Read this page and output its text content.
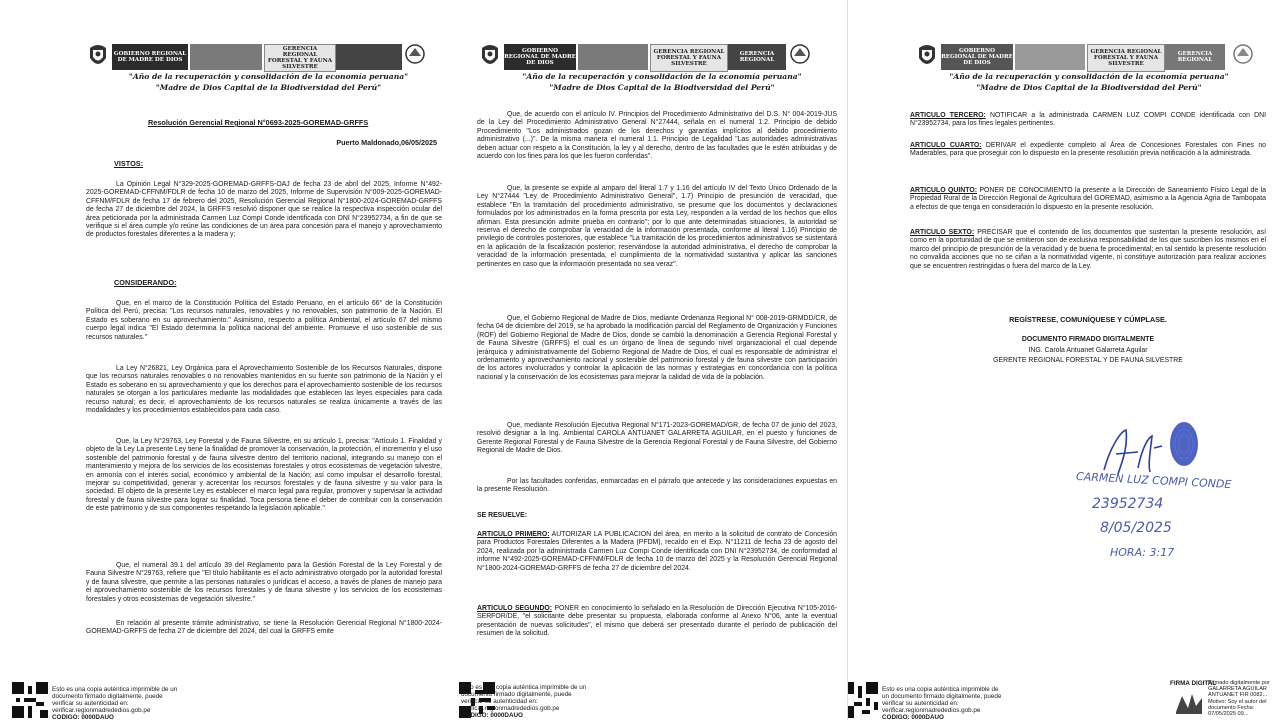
GOBIERNO REGIONAL DE MADRE DE DIOS
GERENCIA REGIONAL FORESTAL Y FAUNA SILVESTRE
"Año de la recuperación y consolidación de la economía peruana"
"Madre de Dios Capital de la Biodiversidad del Perú"
Resolución Gerencial Regional N°0693-2025-GOREMAD-GRFFS
Puerto Maldonado,06/05/2025
VISTOS:
La Opinión Legal N°329-2025-GOREMAD-GRFFS-OAJ de fecha 23 de abril del 2025, Informe N°492-2025-GOREMAD-CFFNM/FDLR de fecha 10 de marzo del 2025, Informe de Supervisión N°009-2025-GOREMAD-CFFNM/FDLR de fecha 17 de febrero del 2025, Resolución Gerencial Regional N°1800-2024-GOREMAD-GRFFS de fecha 27 de diciembre del 2024, la GRFFS resolvió disponer que se realice la respectiva inspección ocular del área peticionada por la administrada Carmen Luz Compi Conde identificada con DNI N°23952734, a fin de que se verifique si el área cumple y/o reúne las condiciones de un área para concesión para el manejo y aprovechamiento de productos forestales diferentes a la madera y;
CONSIDERANDO:
Que, en el marco de la Constitución Política del Estado Peruano, en el artículo 66° de la Constitución Política del Perú, precisa: "Los recursos naturales, renovables y no renovables, son patrimonio de la Nación. El Estado es soberano en su aprovechamiento." Asimismo, respecto a política Ambiental, el artículo 67 del mismo cuerpo legal indica "El Estado determina la política nacional del ambiente. Promueve el uso sostenible de sus recursos naturales."
La Ley N°26821, Ley Orgánica para el Aprovechamiento Sostenible de los Recursos Naturales, dispone que los recursos naturales renovables o no renovables mantenidos en su fuente son patrimonio de la Nación y el Estado es soberano en su aprovechamiento y que los derechos para el aprovechamiento sostenible de los recursos naturales se otorgan a los particulares mediante las modalidades que establecen las leyes especiales para cada recurso natural; es decir, el aprovechamiento de los recursos naturales se realiza únicamente a través de las modalidades y los procedimientos establecidos para cada caso.
Que, la Ley N°29763, Ley Forestal y de Fauna Silvestre, en su artículo 1, precisa: "Artículo 1. Finalidad y objeto de la Ley La presente Ley tiene la finalidad de promover la conservación, la protección, el incremento y el uso sostenible del patrimonio forestal y de fauna silvestre dentro del territorio nacional, integrando su manejo con el mantenimiento y mejora de los servicios de los ecosistemas forestales y otros ecosistemas de vegetación silvestre, en armonía con el interés social, económico y ambiental de la Nación; así como impulsar el desarrollo forestal, mejorar su competitividad, generar y acrecentar los recursos forestales y de fauna silvestre y su valor para la sociedad. El objeto de la presente Ley es establecer el marco legal para regular, promover y supervisar la actividad forestal y de fauna silvestre para lograr su finalidad. Toca persona tiene el deber de contribuir con la conservación de este patrimonio y de sus componentes respetando la legislación aplicable."
Que, el numeral 39.1 del artículo 39 del Reglamento para la Gestión Forestal de la Ley Forestal y de Fauna Silvestre N°29763, refiere que "El título habilitante es el acto administrativo otorgado por la autoridad forestal y de fauna silvestre, que permite a las personas naturales o jurídicas el acceso, a través de planes de manejo para el aprovechamiento sostenible de los recursos forestales y de fauna silvestre y los servicios de los ecosistemas forestales y otros ecosistemas de vegetación silvestre."
En relación al presente trámite administrativo, se tiene la Resolución Gerencial Regional N°1800-2024-GOREMAD-GRFFS de fecha 27 de diciembre del 2024, del cual la GRFFS emite
Esto es una copia auténtica imprimible de un documento firmado digitalmente, puede verificar su autenticidad en: verificar.regionmadrededios.gob.pe
CODIGO: 0000DAUO
GOBIERNO REGIONAL DE MADRE DE DIOS
GERENCIA REGIONAL FORESTAL Y FAUNA SILVESTRE
GERENCIA REGIONAL
"Año de la recuperación y consolidación de la economía peruana"
"Madre de Dios Capital de la Biodiversidad del Perú"
Que, de acuerdo con el artículo IV. Principios del Procedimiento Administrativo del D.S. N° 004-2019-JUS de la Ley del Procedimiento Administrativo General N°27444, señala en el numeral 1.2. Principio de debido Procedimiento "Los administrados gozan de los derechos y garantías implícitos al debido procedimiento administrativo (...)". De la misma manera el numeral 1.1. Principio de Legalidad "Las autoridades administrativas deben actuar con respeto a la Constitución, la ley y al derecho, dentro de las facultades que le estén atribuidas y de acuerdo con los fines para los que les fueron conferidas".
Que, la presente se expide al amparo del literal 1.7 y 1.16 del artículo IV del Texto Único Ordenado de la Ley N°27444 "Ley de Procedimiento Administrativo General", 1.7) Principio de presunción de veracidad, que establece "En la tramitación del procedimiento administrativo, se presume que los documentos y declaraciones formulados por los administrados en la forma prescrita por esta Ley, responden a la verdad de los hechos que ellos afirman. Esta presunción admite prueba en contrario"; por lo que ante determinadas situaciones, la autoridad se reserva el derecho de comprobar la veracidad de la información presentada, conforme al literal 1.16) Principio de privilegio de controles posteriores, que establece "La tramitación de los procedimientos administrativos se sustentará en la aplicación de la fiscalización posterior; reservándose la autoridad administrativa, el derecho de comprobar la veracidad de la información presentada, el cumplimiento de la normatividad sustantiva y aplicar las sanciones pertinentes en caso que la información presentada no sea veraz".
Que, el Gobierno Regional de Madre de Dios, mediante Ordenanza Regional N° 008-2019-GRMDD/CR, de fecha 04 de diciembre del 2019, se ha aprobado la modificación parcial del Reglamento de Organización y Funciones (ROF) del Gobierno Regional de Madre de Dios, donde se cambió la denominación a Gerencia Regional Forestal y de Fauna Silvestre (GRFFS) el cual es un órgano de línea de segundo nivel organizacional el cual depende jerárquica y administrativamente del Gobierno Regional de Madre de Dios, el cual es responsable de administrar el ordenamiento y aprovechamiento racional y sostenible del patrimonio forestal y de fauna silvestre con participación de los actores involucrados y controlar la aplicación de las normas y estrategias en concordancia con la política nacional y la conservación de los ecosistemas para mejorar la calidad de vida de la población.
Que, mediante Resolución Ejecutiva Regional N°171-2023-GOREMAD/GR, de fecha 07 de junio del 2023, resolvió designar a la Ing. Ambiental CAROLA ANTUANET GALARRETA AGUILAR, en el puesto y funciones de Gerente Regional Forestal y de Fauna Silvestre de la Gerencia Regional Forestal y de Fauna Silvestre, del Gobierno Regional de Madre de Dios.
Por las facultades conferidas, enmarcadas en el párrafo que antecede y las consideraciones expuestas en la presente Resolución.
SE RESUELVE:
ARTICULO PRIMERO: AUTORIZAR LA PUBLICACION del área, en merito a la solicitud de contrato de Concesión para Productos Forestales Diferentes a la Madera (PFDM), recaído en el Exp. N°11211 de fecha 23 de agosto del 2024, realizada por la administrada Carmen Luz Compi Conde identificada con DNI N°23952734, de conformidad al informe N°492-2025-GOREMAD-CFFNM/FDLR de fecha 10 de marzo del 2025 y la Resolución Gerencial Regional N°1800-2024-GOREMAD-GRFFS de fecha 27 de diciembre del 2024.
ARTICULO SEGUNDO: PONER en conocimiento lo señalado en la Resolución de Dirección Ejecutiva N°105-2016-SERFOR/DE, "el solicitante debe presentar su propuesta, elaborada conforme al Anexo N°06, ante la eventual presentación de nuevas solicitudes", el mismo que deberá ser presentado durante el período de publicación del resumen de la solicitud.
Esto es una copia auténtica imprimible de un documento firmado digitalmente, puede verificar su autenticidad en: verificar.regionmadrededios.gob.pe
CODIGO: 0000DAUO
GOBIERNO REGIONAL DE MADRE DE DIOS
GERENCIA REGIONAL FORESTAL Y FAUNA SILVESTRE
GERENCIA REGIONAL
"Año de la recuperación y consolidación de la economía peruana"
"Madre de Dios Capital de la Biodiversidad del Perú"
ARTICULO TERCERO: NOTIFICAR a la administrada CARMEN LUZ COMPI CONDE identificada con DNI N°23952734, para los fines legales pertinentes.
ARTICULO CUARTO: DERIVAR el expediente completo al Área de Concesiones Forestales con Fines no Maderables, para que proseguir con lo dispuesto en la presente resolución previa notificación a la administrada.
ARTICULO QUINTO: PONER DE CONOCIMIENTO la presente a la Dirección de Saneamiento Físico Legal de la Propiedad Rural de la Dirección Regional de Agricultura del GOREMAD, asimismo a la Agencia Agria de Tambopata a efectos de que tenga en consideración lo dispuesto en la presente resolución.
ARTICULO SEXTO: PRECISAR que el contenido de los documentos que sustentan la presente resolución, así como en la oportunidad de que se emitieron son de exclusiva responsabilidad de los que suscriben los mismos en el marco del principio de presunción de la veracidad y de buena fe procedimental; en tal sentido la presente resolución no convalida acciones que no se ciñan a la normatividad vigente, ni constituye autorización para realizar acciones que se encuentren restringidas o fuera del marco de la Ley.
REGÍSTRESE, COMUNÍQUESE Y CÚMPLASE.
DOCUMENTO FIRMADO DIGITALMENTE
ING. Carola Antuanet Galarreta Aguilar
GERENTE REGIONAL FORESTAL Y DE FAUNA SILVESTRE
CARMEN LUZ COMPI CONDE
23952734
8/05/2025
HORA: 3:17
Esto es una copia auténtica imprimible de un documento firmado digitalmente, puede verificar su autenticidad en: verificar.regionmadrededios.gob.pe
CODIGO: 0000DAUO
FIRMA DIGITAL
Firmado digitalmente por GALARRETA AGUILAR ANTUANET FIR 0082... Motivo: Soy el autor del documento Fecha: 07/05/2025 09...
